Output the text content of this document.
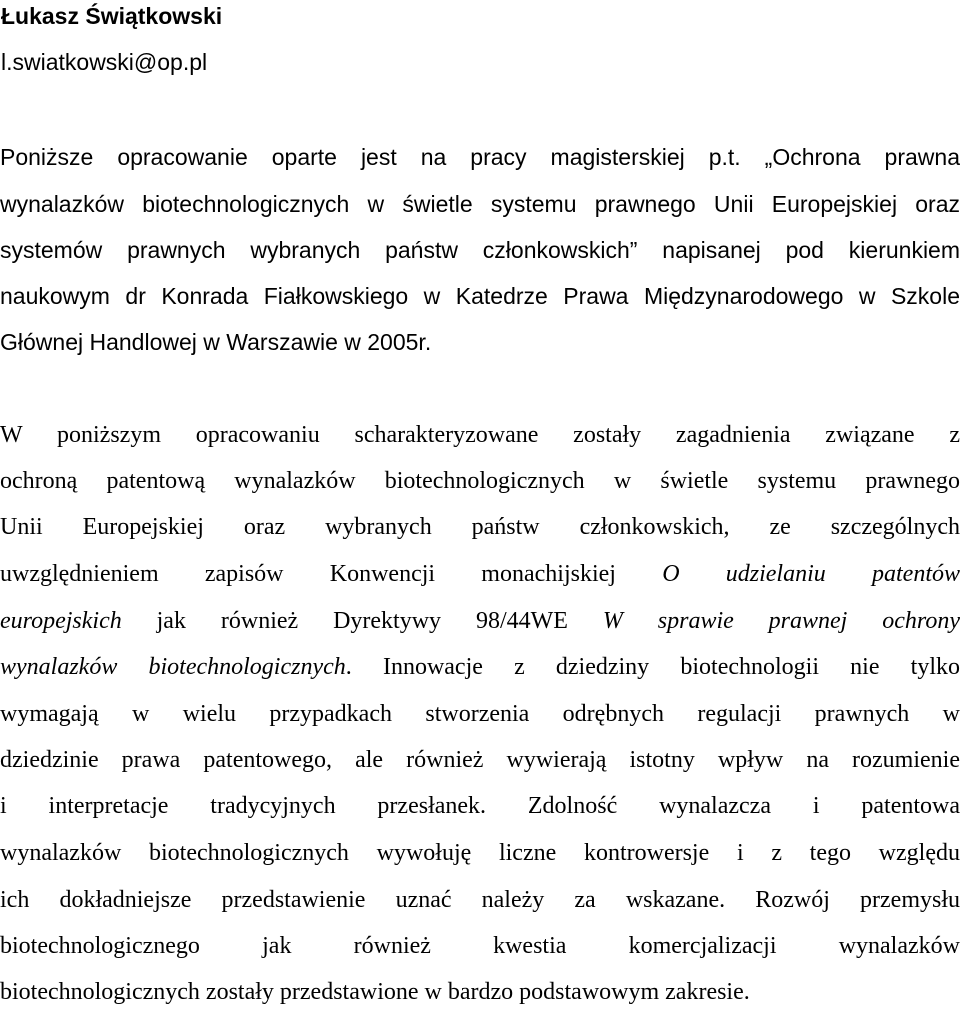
Łukasz Świątkowski
l.swiatkowski@op.pl
Poniższe opracowanie oparte jest na pracy magisterskiej p.t. „Ochrona prawna
wynalazków biotechnologicznych w świetle systemu prawnego Unii Europejskiej oraz
systemów prawnych wybranych państw członkowskich” napisanej pod kierunkiem
naukowym dr Konrada Fiałkowskiego w Katedrze Prawa Międzynarodowego w Szkole
Głównej Handlowej w Warszawie w 2005r.
W poniższym opracowaniu scharakteryzowane zostały zagadnienia związane z
ochroną patentową wynalazków biotechnologicznych w świetle systemu prawnego
Unii Europejskiej oraz wybranych państw członkowskich, ze szczególnych
uwzględnieniem zapisów Konwencji monachijskiej O udzielaniu patentów
europejskich jak również Dyrektywy 98/44WE W sprawie prawnej ochrony
wynalazków biotechnologicznych. Innowacje z dziedziny biotechnologii nie tylko
wymagają w wielu przypadkach stworzenia odrębnych regulacji prawnych w
dziedzinie prawa patentowego, ale również wywierają istotny wpływ na rozumienie
i interpretacje tradycyjnych przesłanek. Zdolność wynalazcza i patentowa
wynalazków biotechnologicznych wywołuję liczne kontrowersje i z tego względu
ich dokładniejsze przedstawienie uznać należy za wskazane. Rozwój przemysłu
biotechnologicznego jak również kwestia komercjalizacji wynalazków
biotechnologicznych zostały przedstawione w bardzo podstawowym zakresie.
